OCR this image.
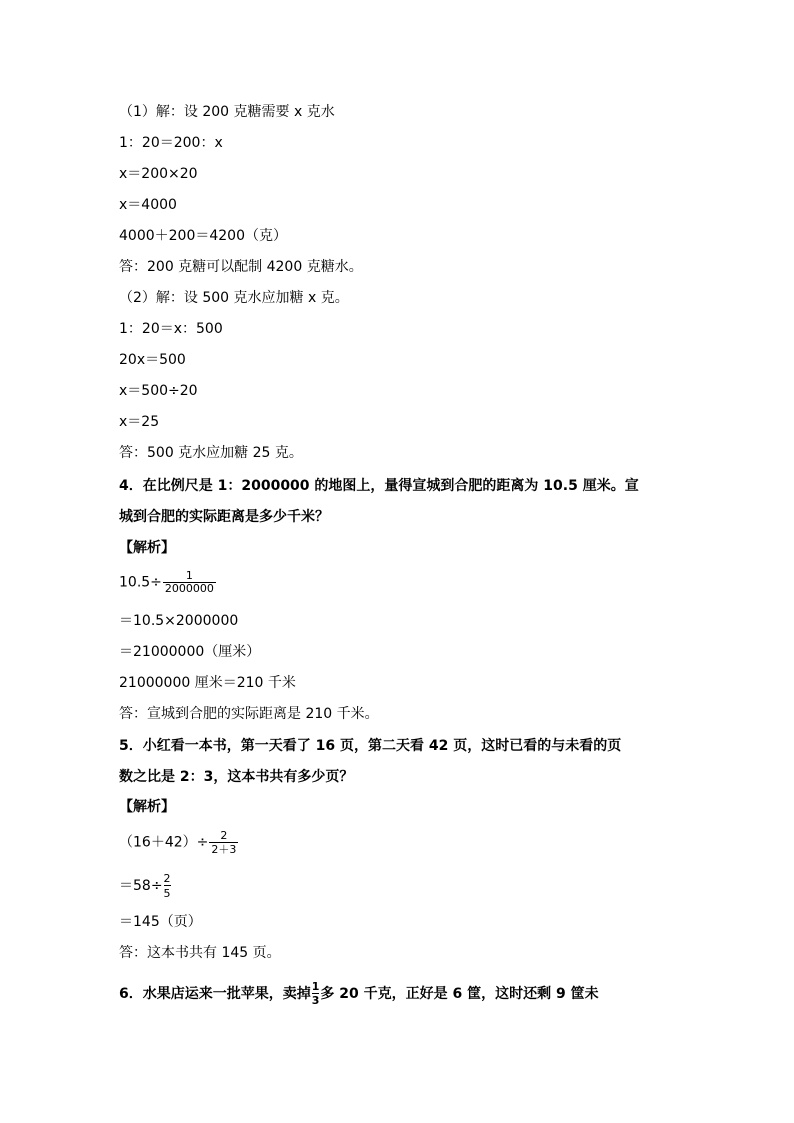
（1）解：设 200 克糖需要 x 克水
1：20＝200：x
x＝200×20
x＝4000
4000＋200＝4200（克）
答：200 克糖可以配制 4200 克糖水。
（2）解：设 500 克水应加糖 x 克。
1：20＝x：500
20x＝500
x＝500÷20
x＝25
答：500 克水应加糖 25 克。
4．在比例尺是 1：2000000 的地图上，量得宣城到合肥的距离为 10.5 厘米。宣
城到合肥的实际距离是多少千米？
【解析】
$10.5\div \frac{1}{2000000}$
＝10.5×2000000
＝21000000（厘米）
21000000 厘米＝210 千米
答：宣城到合肥的实际距离是 210 千米。
5．小红看一本书，第一天看了 16 页，第二天看 42 页，这时已看的与未看的页
数之比是 2：3，这本书共有多少页？
【解析】
$(16+42)\div \frac{2}{2+3}$
$=58\div \frac{2}{5}$
＝145（页）
答：这本书共有 145 页。
6．水果店运来一批苹果，卖掉 $\frac{1}{3}$ 多 20 千克，正好是 6 筐，这时还剩 9 筐未
